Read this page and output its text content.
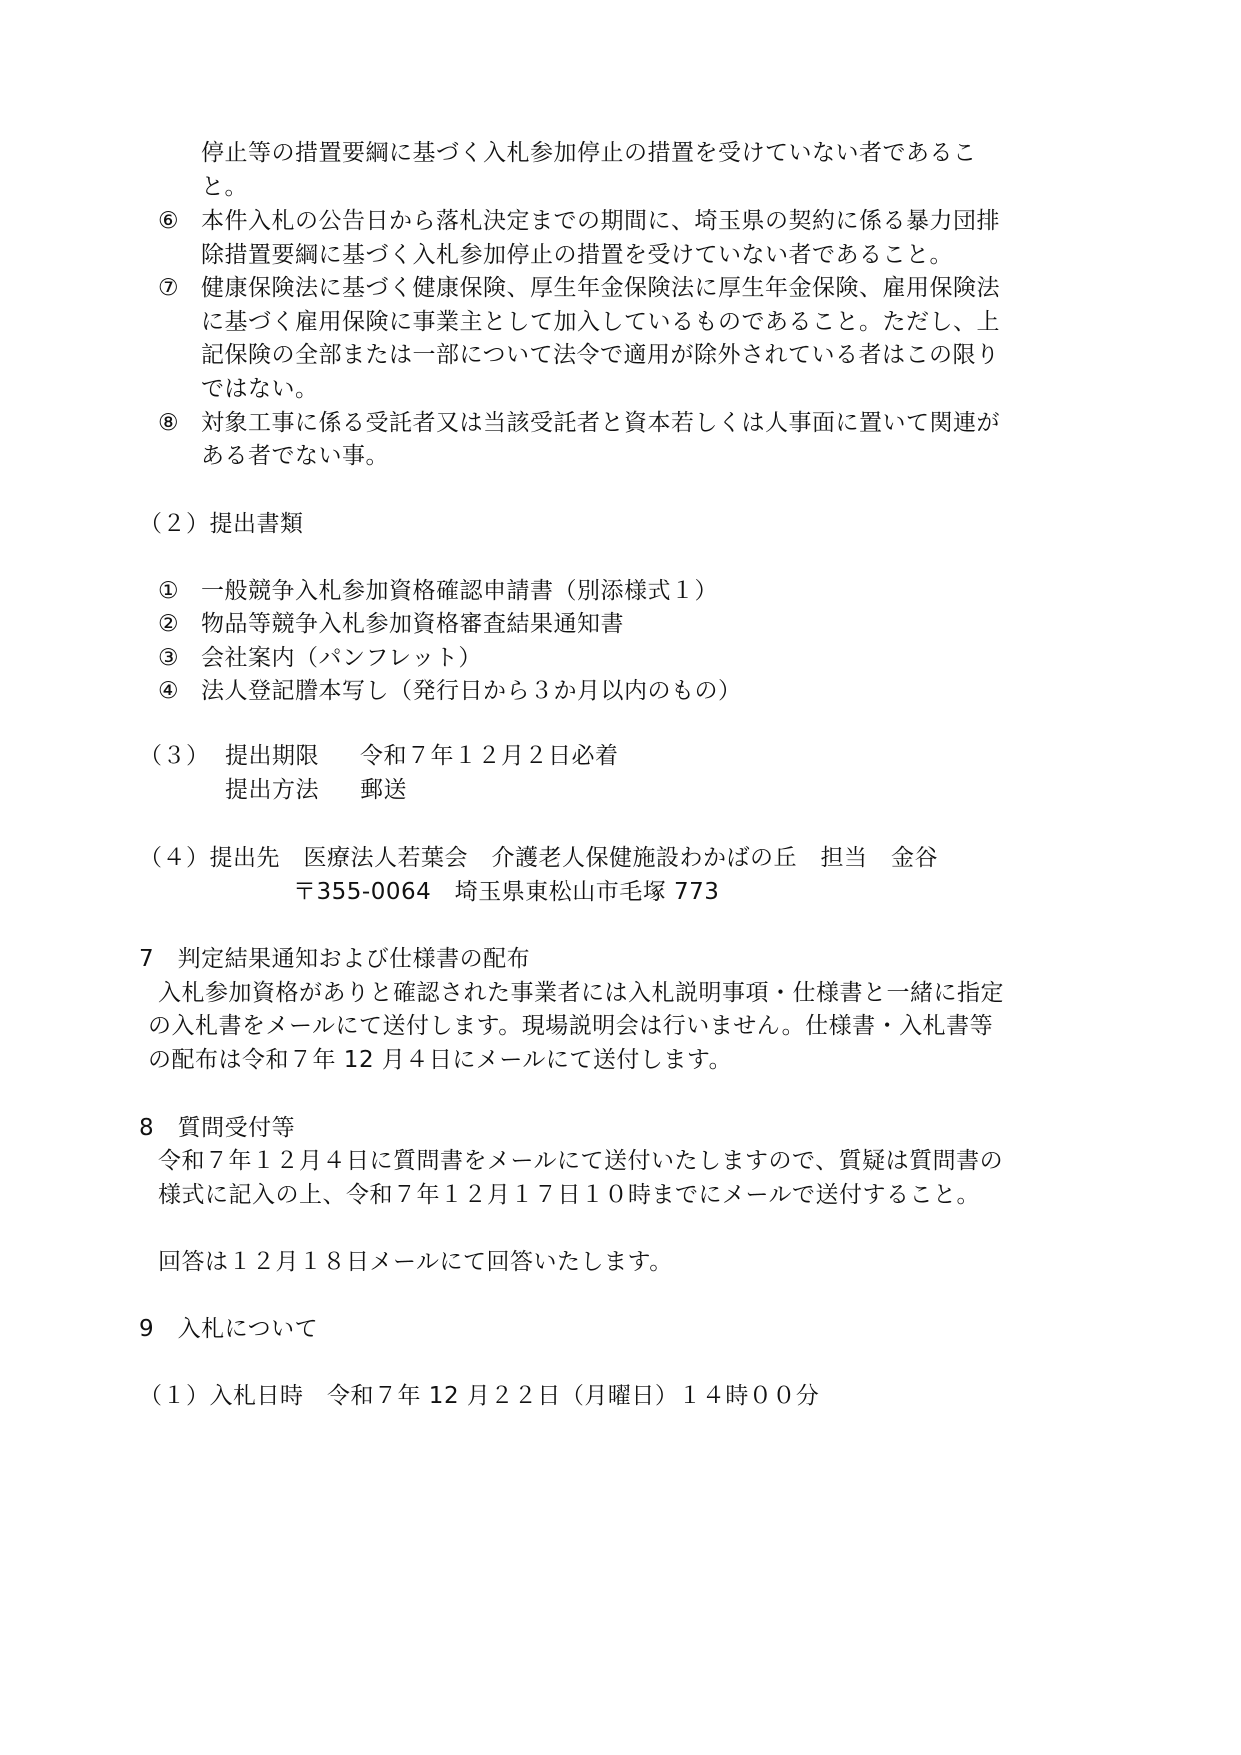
停止等の措置要綱に基づく入札参加停止の措置を受けていない者であるこ
と。
⑥ 本件入札の公告日から落札決定までの期間に、埼玉県の契約に係る暴力団排
除措置要綱に基づく入札参加停止の措置を受けていない者であること。
⑦ 健康保険法に基づく健康保険、厚生年金保険法に厚生年金保険、雇用保険法
に基づく雇用保険に事業主として加入しているものであること。ただし、上
記保険の全部または一部について法令で適用が除外されている者はこの限り
ではない。
⑧ 対象工事に係る受託者又は当該受託者と資本若しくは人事面に置いて関連が
ある者でない事。
（２）提出書類
① 一般競争入札参加資格確認申請書（別添様式１）
② 物品等競争入札参加資格審査結果通知書
③ 会社案内（パンフレット）
④ 法人登記謄本写し（発行日から３か月以内のもの）
（３） 提出期限 令和７年１２月２日必着
提出方法 郵送
（４）提出先　医療法人若葉会　介護老人保健施設わかばの丘　担当　金谷
〒355-0064　埼玉県東松山市毛塚 773
7　判定結果通知および仕様書の配布
入札参加資格がありと確認された事業者には入札説明事項・仕様書と一緒に指定
の入札書をメールにて送付します。現場説明会は行いません。仕様書・入札書等
の配布は令和７年 12 月４日にメールにて送付します。
8　質問受付等
令和７年１２月４日に質問書をメールにて送付いたしますので、質疑は質問書の
様式に記入の上、令和７年１２月１７日１０時までにメールで送付すること。
回答は１２月１８日メールにて回答いたします。
9　入札について
（１）入札日時　令和７年 12 月２２日（月曜日）１４時００分
